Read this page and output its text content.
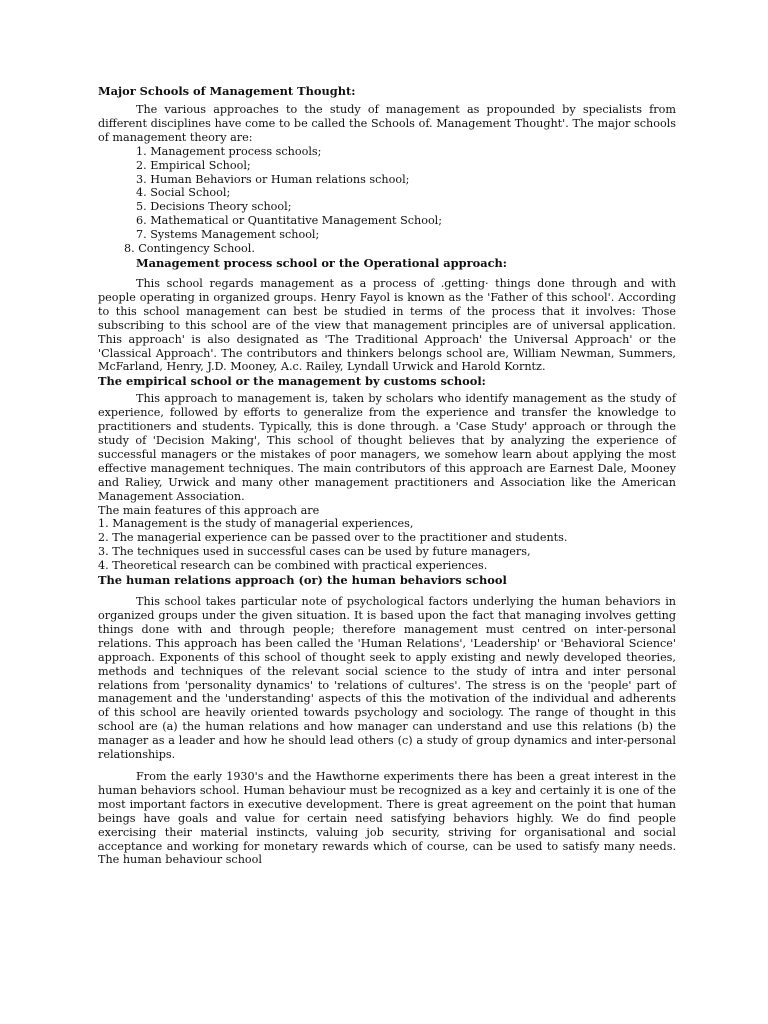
Major Schools of Management Thought:

The various approaches to the study of management as propounded by specialists from different disciplines have come to be called the Schools of. Management Thought'. The major schools of management theory are:

1. Management process schools;
2. Empirical School;
3. Human Behaviors or Human relations school;
4. Social School;
5. Decisions Theory school;
6. Mathematical or Quantitative Management School;
7. Systems Management school;
8. Contingency School.
Management process school or the Operational approach:

This school regards management as a process of .getting· things done through and with people operating in organized groups. Henry Fayol is known as the 'Father of this school'. According to this school management can best be studied in terms of the process that it involves: Those subscribing to this school are of the view that management principles are of universal application. This approach' is also designated as 'The Traditional Approach' the Universal Approach' or the 'Classical Approach'. The contributors and thinkers belongs school are, William Newman, Summers, McFarland, Henry, J.D. Mooney, A.c. Railey, Lyndall Urwick and Harold Korntz.

The empirical school or the management by customs school:

This approach to management is, taken by scholars who identify management as the study of experience, followed by efforts to generalize from the experience and transfer the knowledge to practitioners and students. Typically, this is done through. a 'Case Study' approach or through the study of 'Decision Making', This school of thought believes that by analyzing the experience of successful managers or the mistakes of poor managers, we somehow learn about applying the most effective management techniques. The main contributors of this approach are Earnest Dale, Mooney and Raliey, Urwick and many other management practitioners and Association like the American Management Association.

The main features of this approach are
1. Management is the study of managerial experiences,
2. The managerial experience can be passed over to the practitioner and students.
3. The techniques used in successful cases can be used by future managers,
4. Theoretical research can be combined with practical experiences.
The human relations approach (or) the human behaviors school

This school takes particular note of psychological factors underlying the human behaviors in organized groups under the given situation. It is based upon the fact that managing involves getting things done with and through people; therefore management must centred on inter-personal relations. This approach has been called the 'Human Relations', 'Leadership' or 'Behavioral Science' approach. Exponents of this school of thought seek to apply existing and newly developed theories, methods and techniques of the relevant social science to the study of intra and inter personal relations from 'personality dynamics' to 'relations of cultures'. The stress is on the 'people' part of management and the 'understanding' aspects of this the motivation of the individual and adherents of this school are heavily oriented towards psychology and sociology. The range of thought in this school are (a) the human relations and how manager can understand and use this relations (b) the manager as a leader and how he should lead others (c) a study of group dynamics and inter-personal relationships.

From the early 1930's and the Hawthorne experiments there has been a great interest in the human behaviors school. Human behaviour must be recognized as a key and certainly it is one of the most important factors in executive development. There is great agreement on the point that human beings have goals and value for certain need satisfying behaviors highly. We do find people exercising their material instincts, valuing job security, striving for organisational and social acceptance and working for monetary rewards which of course, can be used to satisfy many needs. The human behaviour school
